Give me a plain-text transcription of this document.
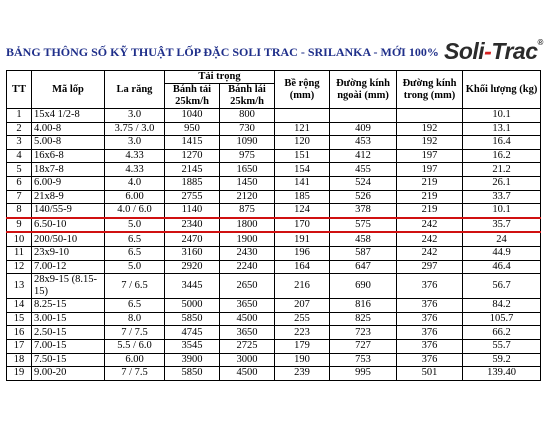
BẢNG THÔNG SỐ KỸ THUẬT LỐP ĐẶC SOLI TRAC - SRILANKA - MỚI 100% Soli-Trac®
TT	Mã lốp	La răng	Tải trọng		Bề rộng (mm)	Đường kính ngoài (mm)	Đường kính trong (mm)	Khối lượng (kg)
			Bánh tải	Bánh lái				
			25km/h	25km/h				
1	15x4 1/2-8	3.0	1040	800				10.1
2	4.00-8	3.75 / 3.0	950	730	121	409	192	13.1
3	5.00-8	3.0	1415	1090	120	453	192	16.4
4	16x6-8	4.33	1270	975	151	412	197	16.2
5	18x7-8	4.33	2145	1650	154	455	197	21.2
6	6.00-9	4.0	1885	1450	141	524	219	26.1
7	21x8-9	6.00	2755	2120	185	526	219	33.7
8	140/55-9	4.0 / 6.0	1140	875	124	378	219	10.1
9	6.50-10	5.0	2340	1800	170	575	242	35.7
10	200/50-10	6.5	2470	1900	191	458	242	24
11	23x9-10	6.5	3160	2430	196	587	242	44.9
12	7.00-12	5.0	2920	2240	164	647	297	46.4
13	28x9-15 (8.15-15)	7 / 6.5	3445	2650	216	690	376	56.7
14	8.25-15	6.5	5000	3650	207	816	376	84.2
15	3.00-15	8.0	5850	4500	255	825	376	105.7
16	2.50-15	7 / 7.5	4745	3650	223	723	376	66.2
17	7.00-15	5.5 / 6.0	3545	2725	179	727	376	55.7
18	7.50-15	6.00	3900	3000	190	753	376	59.2
19	9.00-20	7 / 7.5	5850	4500	239	995	501	139.40
